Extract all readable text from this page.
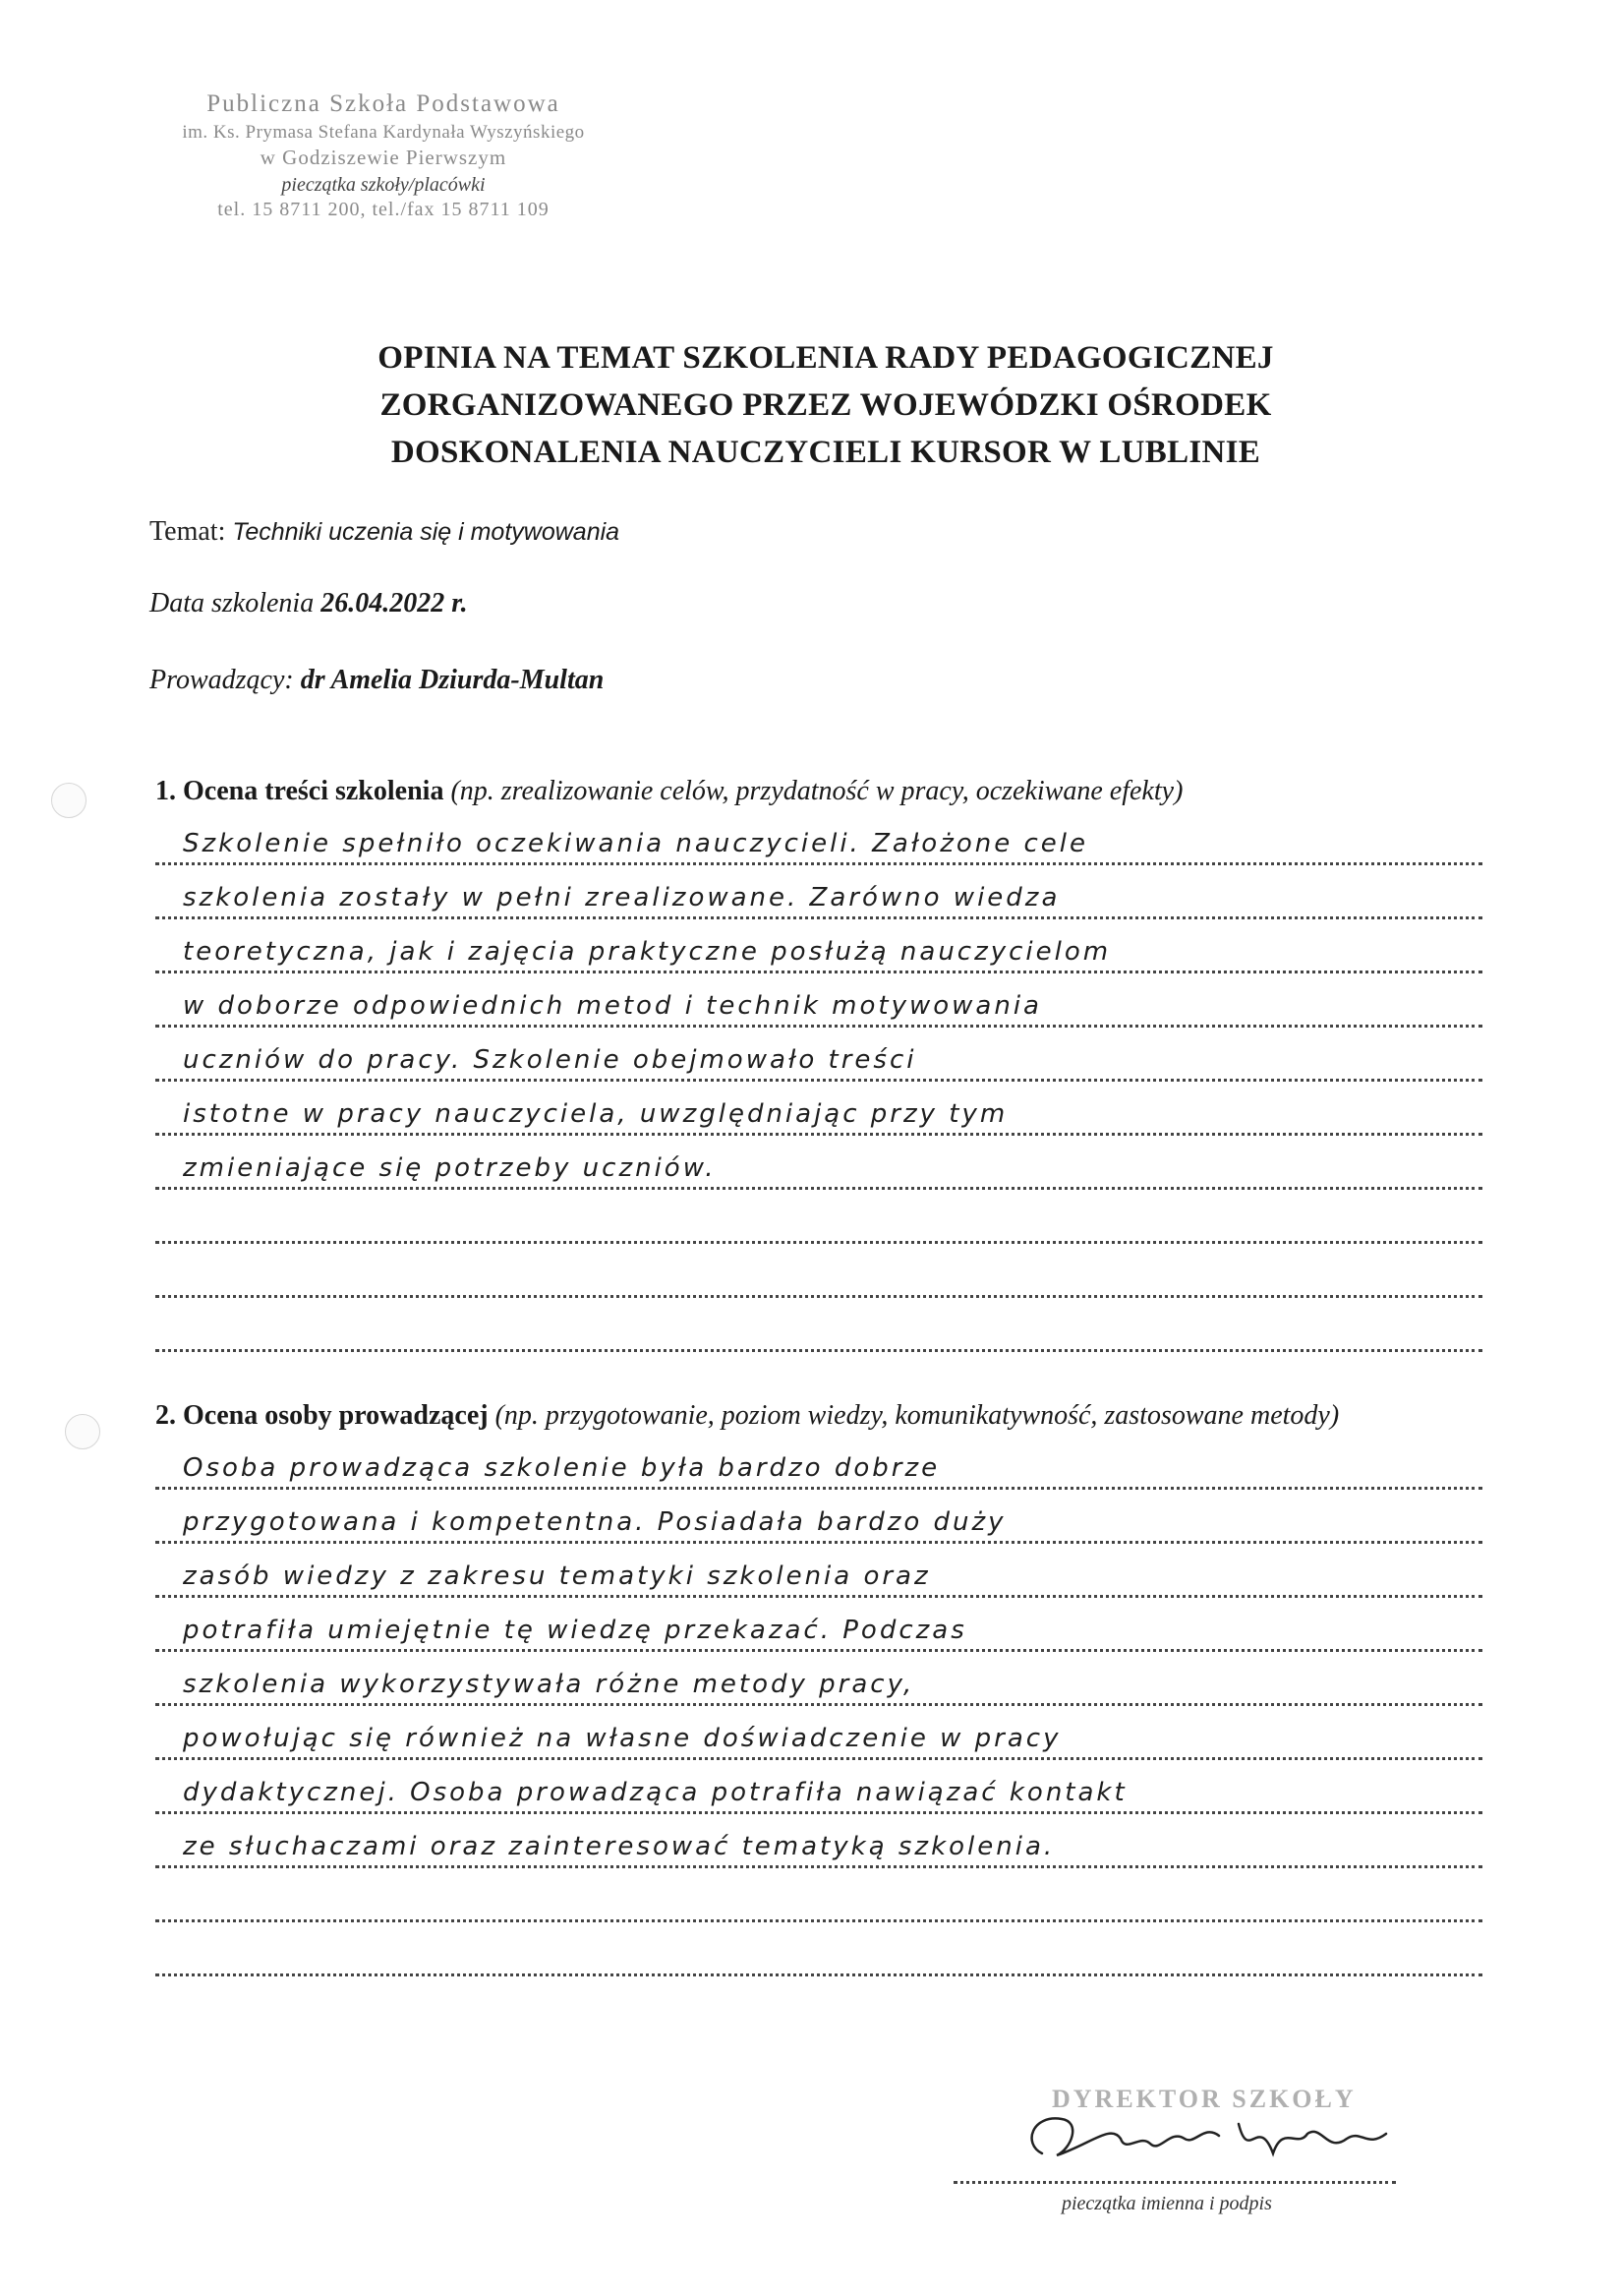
Publiczna Szkoła Podstawowa
im. Ks. Prymasa Stefana Kardynała Wyszyńskiego
w Godziszewie Pierwszym
pieczątka szkoły/placówki
tel. 15 8711 200, tel./fax 15 8711 109
OPINIA NA TEMAT SZKOLENIA RADY PEDAGOGICZNEJ
ZORGANIZOWANEGO PRZEZ WOJEWÓDZKI OŚRODEK
DOSKONALENIA NAUCZYCIELI KURSOR W LUBLINIE
Temat: Techniki uczenia się i motywowania
Data szkolenia 26.04.2022 r.
Prowadzący: dr Amelia Dziurda-Multan
1. Ocena treści szkolenia (np. zrealizowanie celów, przydatność w pracy, oczekiwane efekty)
Szkolenie spełniło oczekiwania nauczycieli. Założone cele
szkolenia zostały w pełni zrealizowane. Zarówno wiedza
teoretyczna, jak i zajęcia praktyczne posłużą nauczycielom
w doborze odpowiednich metod i technik motywowania
uczniów do pracy. Szkolenie obejmowało treści
istotne w pracy nauczyciela, uwzględniając przy tym
zmieniające się potrzeby uczniów.
2. Ocena osoby prowadzącej (np. przygotowanie, poziom wiedzy, komunikatywność, zastosowane metody)
Osoba prowadząca szkolenie była bardzo dobrze
przygotowana i kompetentna. Posiadała bardzo duży
zasób wiedzy z zakresu tematyki szkolenia oraz
potrafiła umiejętnie tę wiedzę przekazać. Podczas
szkolenia wykorzystywała różne metody pracy,
powołując się również na własne doświadczenie w pracy
dydaktycznej. Osoba prowadząca potrafiła nawiązać kontakt
ze słuchaczami oraz zainteresować tematyką szkolenia.
DYREKTOR SZKOŁY
pieczątka imienna i podpis
